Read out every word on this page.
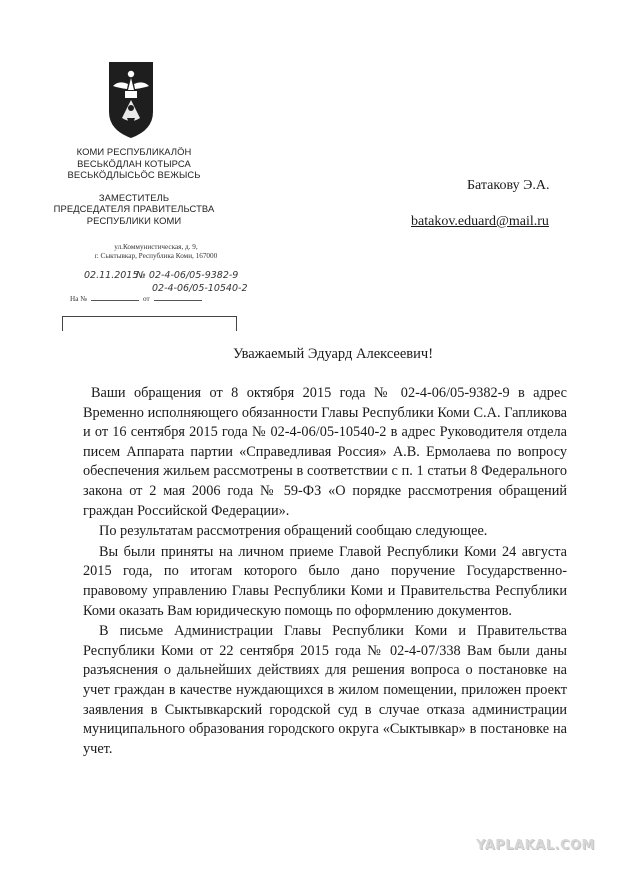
КОМИ РЕСПУБЛИКАЛӦН
ВЕСЬКӦДЛАН КОТЫРСА
ВЕСЬКӦДЛЫСЬӦС ВЕЖЫСЬ
ЗАМЕСТИТЕЛЬ
ПРЕДСЕДАТЕЛЯ ПРАВИТЕЛЬСТВА
РЕСПУБЛИКИ КОМИ
ул.Коммунистическая, д. 9,
г. Сыктывкар, Республика Коми, 167000
02.11.2015
№ 02-4-06/05-9382-9
02-4-06/05-10540-2
На №	от
Батакову Э.А.
batakov.eduard@mail.ru
Уважаемый Эдуард Алексеевич!

Ваши обращения от 8 октября 2015 года № 02-4-06/05-9382-9 в адрес Временно исполняющего обязанности Главы Республики Коми С.А. Гапликова и от 16 сентября 2015 года № 02-4-06/05-10540-2 в адрес Руководителя отдела писем Аппарата партии «Справедливая Россия» А.В. Ермолаева по вопросу обеспечения жильем рассмотрены в соответствии с п. 1 статьи 8 Федерального закона от 2 мая 2006 года № 59-ФЗ «О порядке рассмотрения обращений граждан Российской Федерации».

По результатам рассмотрения обращений сообщаю следующее.

Вы были приняты на личном приеме Главой Республики Коми 24 августа 2015 года, по итогам которого было дано поручение Государственно-правовому управлению Главы Республики Коми и Правительства Республики Коми оказать Вам юридическую помощь по оформлению документов.

В письме Администрации Главы Республики Коми и Правительства Республики Коми от 22 сентября 2015 года № 02-4-07/338 Вам были даны разъяснения о дальнейших действиях для решения вопроса о постановке на учет граждан в качестве нуждающихся в жилом помещении, приложен проект заявления в Сыктывкарский городской суд в случае отказа администрации муниципального образования городского округа «Сыктывкар» в постановке на учет.

YAPLAKAL.COM
